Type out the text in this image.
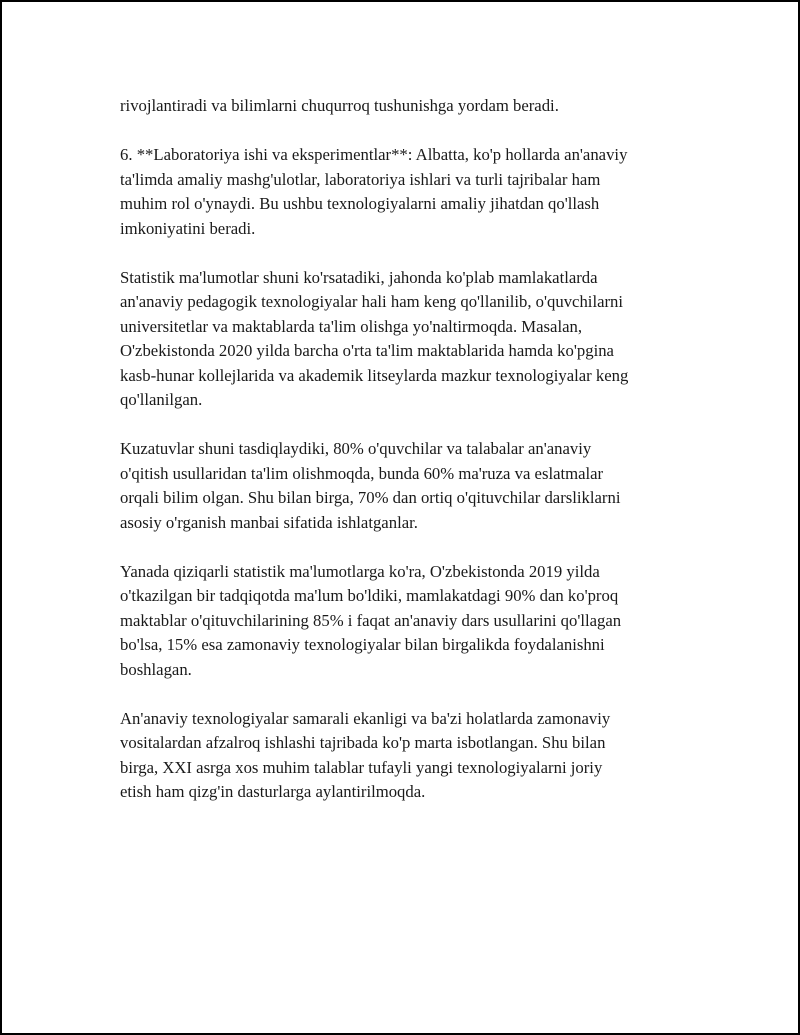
rivojlantiradi va bilimlarni chuqurroq tushunishga yordam beradi.

6. **Laboratoriya ishi va eksperimentlar**: Albatta, ko'p hollarda an'anaviy
ta'limda amaliy mashg'ulotlar, laboratoriya ishlari va turli tajribalar ham
muhim rol o'ynaydi. Bu ushbu texnologiyalarni amaliy jihatdan qo'llash
imkoniyatini beradi.

Statistik ma'lumotlar shuni ko'rsatadiki, jahonda ko'plab mamlakatlarda
an'anaviy pedagogik texnologiyalar hali ham keng qo'llanilib, o'quvchilarni
universitetlar va maktablarda ta'lim olishga yo'naltirmoqda. Masalan,
O'zbekistonda 2020 yilda barcha o'rta ta'lim maktablarida hamda ko'pgina
kasb-hunar kollejlarida va akademik litseylarda mazkur texnologiyalar keng
qo'llanilgan.

Kuzatuvlar shuni tasdiqlaydiki, 80% o'quvchilar va talabalar an'anaviy
o'qitish usullaridan ta'lim olishmoqda, bunda 60% ma'ruza va eslatmalar
orqali bilim olgan. Shu bilan birga, 70% dan ortiq o'qituvchilar darsliklarni
asosiy o'rganish manbai sifatida ishlatganlar.

Yanada qiziqarli statistik ma'lumotlarga ko'ra, O'zbekistonda 2019 yilda
o'tkazilgan bir tadqiqotda ma'lum bo'ldiki, mamlakatdagi 90% dan ko'proq
maktablar o'qituvchilarining 85% i faqat an'anaviy dars usullarini qo'llagan
bo'lsa, 15% esa zamonaviy texnologiyalar bilan birgalikda foydalanishni
boshlagan.

An'anaviy texnologiyalar samarali ekanligi va ba'zi holatlarda zamonaviy
vositalardan afzalroq ishlashi tajribada ko'p marta isbotlangan. Shu bilan
birga, XXI asrga xos muhim talablar tufayli yangi texnologiyalarni joriy
etish ham qizg'in dasturlarga aylantirilmoqda.
